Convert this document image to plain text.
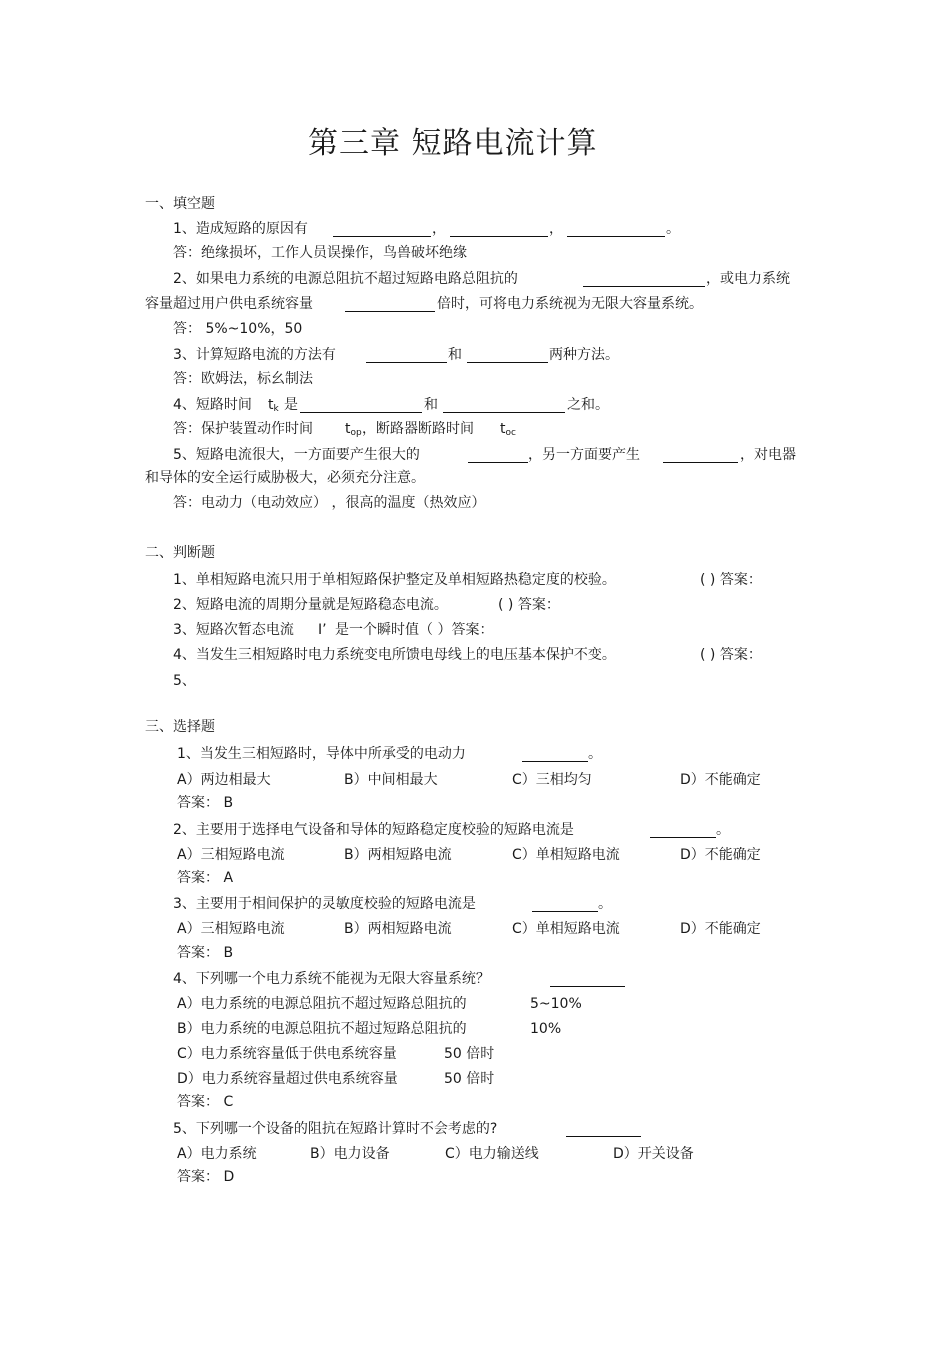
第三章 短路电流计算
一、填空题
1、造成短路的原因有	，	，	。
答：绝缘损坏，工作人员误操作，鸟兽破坏绝缘
2、如果电力系统的电源总阻抗不超过短路电路总阻抗的	，或电力系统
容量超过用户供电系统容量	倍时，可将电力系统视为无限大容量系统。
答： 5%~10%，50
3、计算短路电流的方法有	和	两种方法。
答：欧姆法，标幺制法
4、短路时间 $t_k$ 是	和	之和。
答：保护装置动作时间 $t_{op}$ ，断路器断路时间 $t_{oc}$
5、短路电流很大，一方面要产生很大的	，另一方面要产生	，对电器
和导体的安全运行威胁极大，必须充分注意。
答：电动力（电动效应） ，很高的温度（热效应）
二、判断题
1、单相短路电流只用于单相短路保护整定及单相短路热稳定度的校验。	( ) 答案：
2、短路电流的周期分量就是短路稳态电流。	( ) 答案：
3、短路次暂态电流 I’ 是一个瞬时值（ ）答案：
4、当发生三相短路时电力系统变电所馈电母线上的电压基本保护不变。	( ) 答案：
5、
三、选择题
1、当发生三相短路时，导体中所承受的电动力	。
A）两边相最大	B）中间相最大	C）三相均匀	D）不能确定
答案： B
2、主要用于选择电气设备和导体的短路稳定度校验的短路电流是	。
A）三相短路电流	B）两相短路电流	C）单相短路电流	D）不能确定
答案： A
3、主要用于相间保护的灵敏度校验的短路电流是	。
A）三相短路电流	B）两相短路电流	C）单相短路电流	D）不能确定
答案： B
4、下列哪一个电力系统不能视为无限大容量系统？
A）电力系统的电源总阻抗不超过短路总阻抗的	5~10%
B）电力系统的电源总阻抗不超过短路总阻抗的	10%
C）电力系统容量低于供电系统容量	50 倍时
D）电力系统容量超过供电系统容量	50 倍时
答案： C
5、下列哪一个设备的阻抗在短路计算时不会考虑的?
A）电力系统	B）电力设备	C）电力输送线	D）开关设备
答案： D
